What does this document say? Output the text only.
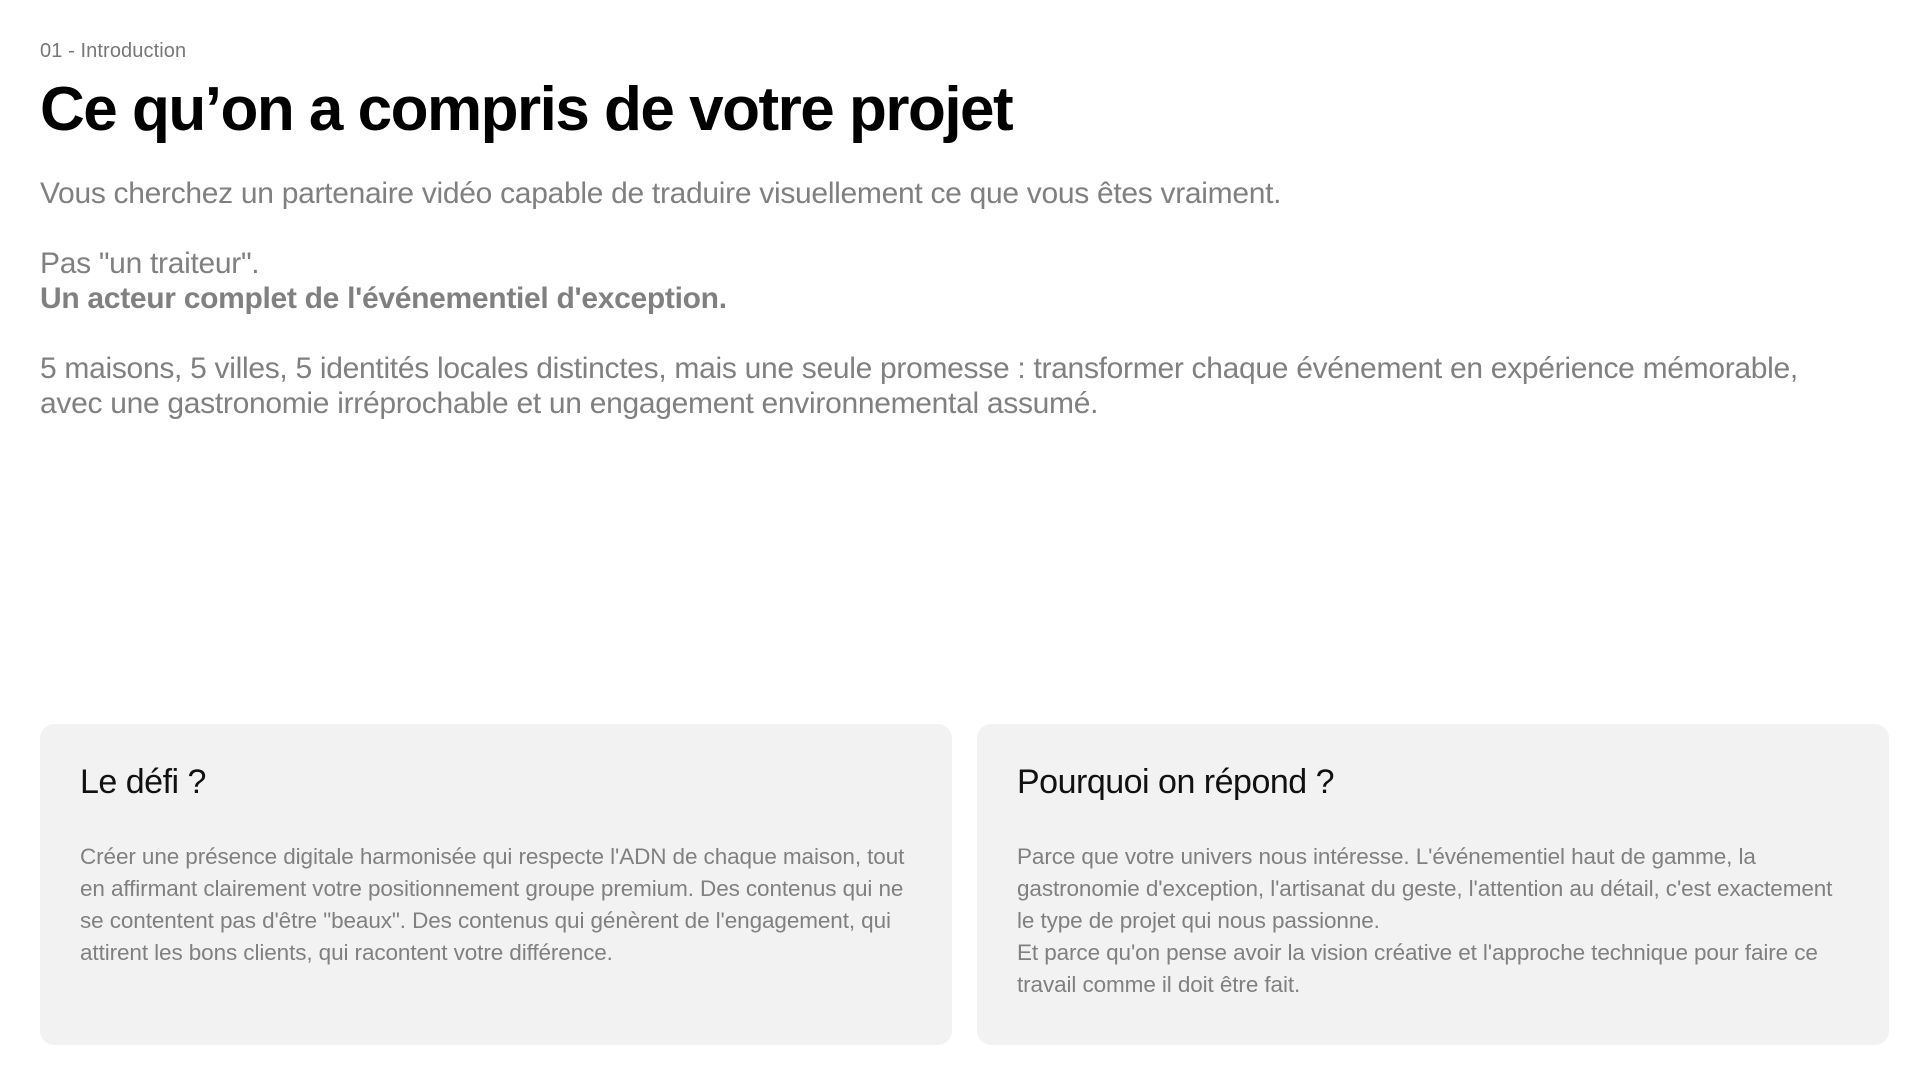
01 - Introduction
Ce qu’on a compris de votre projet

Vous cherchez un partenaire vidéo capable de traduire visuellement ce que vous êtes vraiment.

Pas "un traiteur".
Un acteur complet de l'événementiel d'exception.

5 maisons, 5 villes, 5 identités locales distinctes, mais une seule promesse : transformer chaque événement en expérience mémorable, avec une gastronomie irréprochable et un engagement environnemental assumé.

Le défi ?
Créer une présence digitale harmonisée qui respecte l'ADN de chaque maison, tout en affirmant clairement votre positionnement groupe premium. Des contenus qui ne se contentent pas d'être "beaux". Des contenus qui génèrent de l'engagement, qui attirent les bons clients, qui racontent votre différence.
Pourquoi on répond ?
Parce que votre univers nous intéresse. L'événementiel haut de gamme, la gastronomie d'exception, l'artisanat du geste, l'attention au détail, c'est exactement le type de projet qui nous passionne.
Et parce qu'on pense avoir la vision créative et l'approche technique pour faire ce travail comme il doit être fait.
